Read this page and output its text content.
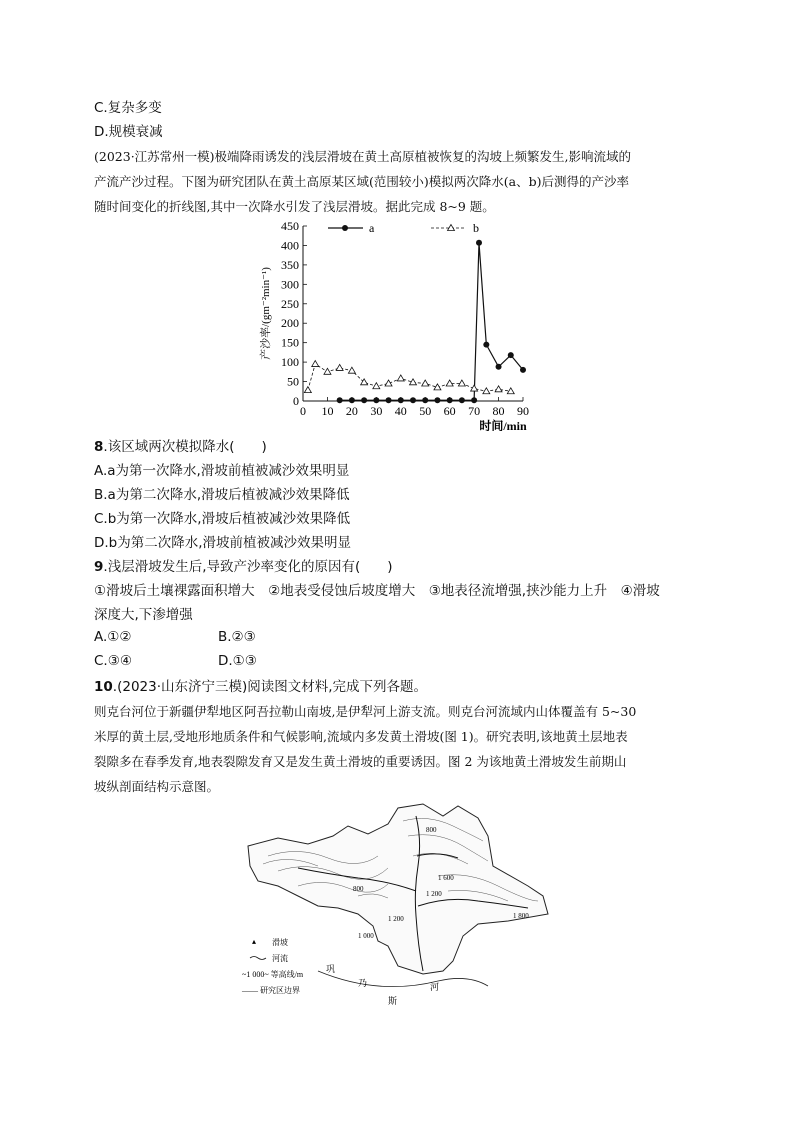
C.复杂多变
D.规模衰减
(2023·江苏常州一模)极端降雨诱发的浅层滑坡在黄土高原植被恢复的沟坡上频繁发生,影响流域的
产流产沙过程。下图为研究团队在黄土高原某区域(范围较小)模拟两次降水(a、b)后测得的产沙率
随时间变化的折线图,其中一次降水引发了浅层滑坡。据此完成 8~9 题。
0
50
100
150
200
250
300
350
400
450
0 10 20 30 40 50 60 70 80 90
时间/min
产沙率/(gm⁻²min⁻¹)
a	b
8.该区域两次模拟降水(　　)
A.a为第一次降水,滑坡前植被减沙效果明显
B.a为第二次降水,滑坡后植被减沙效果降低
C.b为第一次降水,滑坡后植被减沙效果降低
D.b为第二次降水,滑坡前植被减沙效果明显
9.浅层滑坡发生后,导致产沙率变化的原因有(　　)
①滑坡后土壤裸露面积增大　②地表受侵蚀后坡度增大　③地表径流增强,挟沙能力上升　④滑坡
深度大,下渗增强
A.①②	B.②③
C.③④	D.①③
10.(2023·山东济宁三模)阅读图文材料,完成下列各题。
则克台河位于新疆伊犁地区阿吾拉勒山南坡,是伊犁河上游支流。则克台河流域内山体覆盖有 5~30
米厚的黄土层,受地形地质条件和气候影响,流域内多发黄土滑坡(图 1)。研究表明,该地黄土层地表
裂隙多在春季发育,地表裂隙发育又是发生黄土滑坡的重要诱因。图 2 为该地黄土滑坡发生前期山
坡纵剖面结构示意图。
800
1 600
1 200
1 000
800
1 800
1 200
巩
乃
斯
河
▴ 滑坡
河流
~1 000~ 等高线/m
—— 研究区边界
